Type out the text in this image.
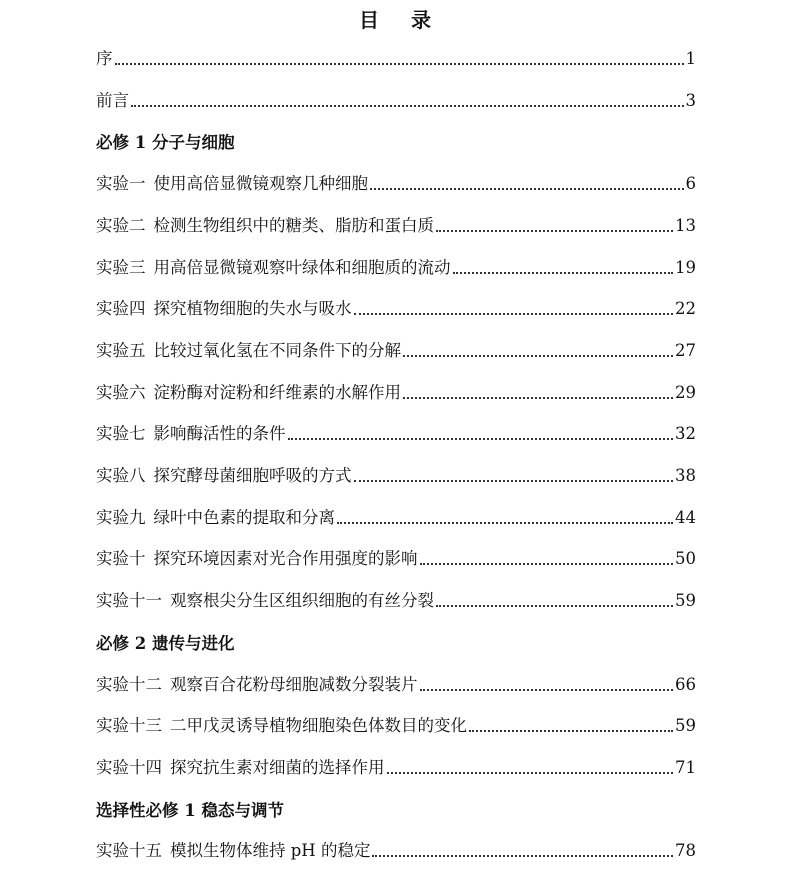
目 录
序	1
前言	3
必修 1 分子与细胞
实验一 使用高倍显微镜观察几种细胞	6
实验二 检测生物组织中的糖类、脂肪和蛋白质	13
实验三 用高倍显微镜观察叶绿体和细胞质的流动	19
实验四 探究植物细胞的失水与吸水	22
实验五 比较过氧化氢在不同条件下的分解	27
实验六 淀粉酶对淀粉和纤维素的水解作用	29
实验七 影响酶活性的条件	32
实验八 探究酵母菌细胞呼吸的方式	38
实验九 绿叶中色素的提取和分离	44
实验十 探究环境因素对光合作用强度的影响	50
实验十一 观察根尖分生区组织细胞的有丝分裂	59
必修 2 遗传与进化
实验十二 观察百合花粉母细胞减数分裂装片	66
实验十三 二甲戊灵诱导植物细胞染色体数目的变化	59
实验十四 探究抗生素对细菌的选择作用	71
选择性必修 1 稳态与调节
实验十五 模拟生物体维持 pH 的稳定	78
